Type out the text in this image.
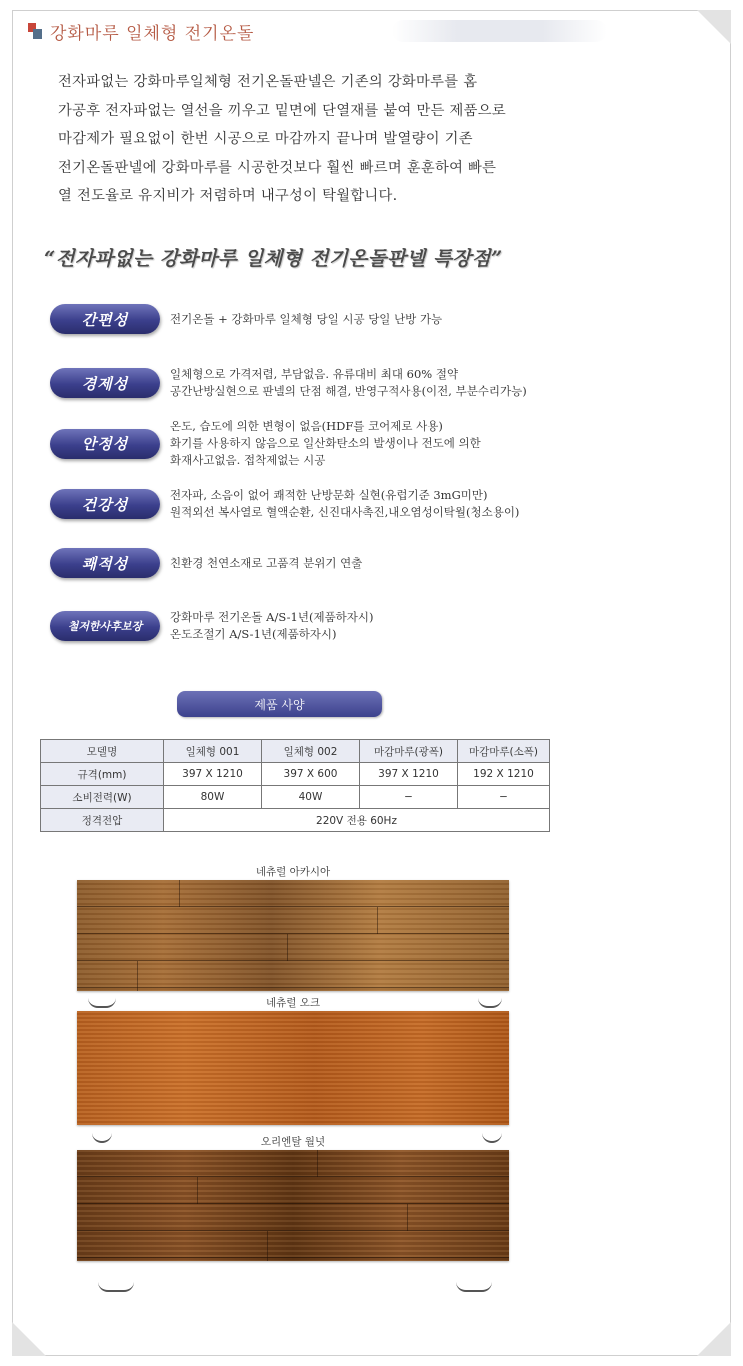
강화마루 일체형 전기온돌

전자파없는 강화마루일체형 전기온돌판넬은 기존의 강화마루를 홈

가공후 전자파없는 열선을 끼우고 밑면에 단열재를 붙여 만든 제품으로

마감제가 필요없이 한번 시공으로 마감까지 끝나며 발열량이 기존

전기온돌판넬에 강화마루를 시공한것보다 훨씬 빠르며 훈훈하여 빠른

열 전도율로 유지비가 저렴하며 내구성이 탁월합니다.

“전자파없는 강화마루 일체형 전기온돌판넬 특장점”
간편성	전기온돌 + 강화마루 일체형 당일 시공 당일 난방 가능

경제성

일체형으로 가격저렴, 부담없음. 유류대비 최대 60% 절약

공간난방실현으로 판넬의 단점 해결, 반영구적사용(이전, 부분수리가능)

안정성

온도, 습도에 의한 변형이 없음(HDF를 코어제로 사용)

화기를 사용하지 않음으로 일산화탄소의 발생이나 전도에 의한

화재사고없음. 접착제없는 시공

건강성

전자파, 소음이 없어 쾌적한 난방문화 실현(유럽기준 3mG미만)

원적외선 복사열로 혈액순환, 신진대사촉진,내오염성이탁월(청소용이)

쾌적성	친환경 천연소재로 고품격 분위기 연출

철저한사후보장

강화마루 전기온돌 A/S-1년(제품하자시)

온도조절기 A/S-1년(제품하자시)

제품 사양
모델명	일체형 001	일체형 002	마감마루(광폭)	마감마루(소폭)
규격(mm)	397 X 1210	397 X 600	397 X 1210	192 X 1210
소비전력(W)	80W	40W	−	−
정격전압	220V 전용 60Hz			
네츄럴 아카시아
네츄럴 오크
오리엔탈 월넛
